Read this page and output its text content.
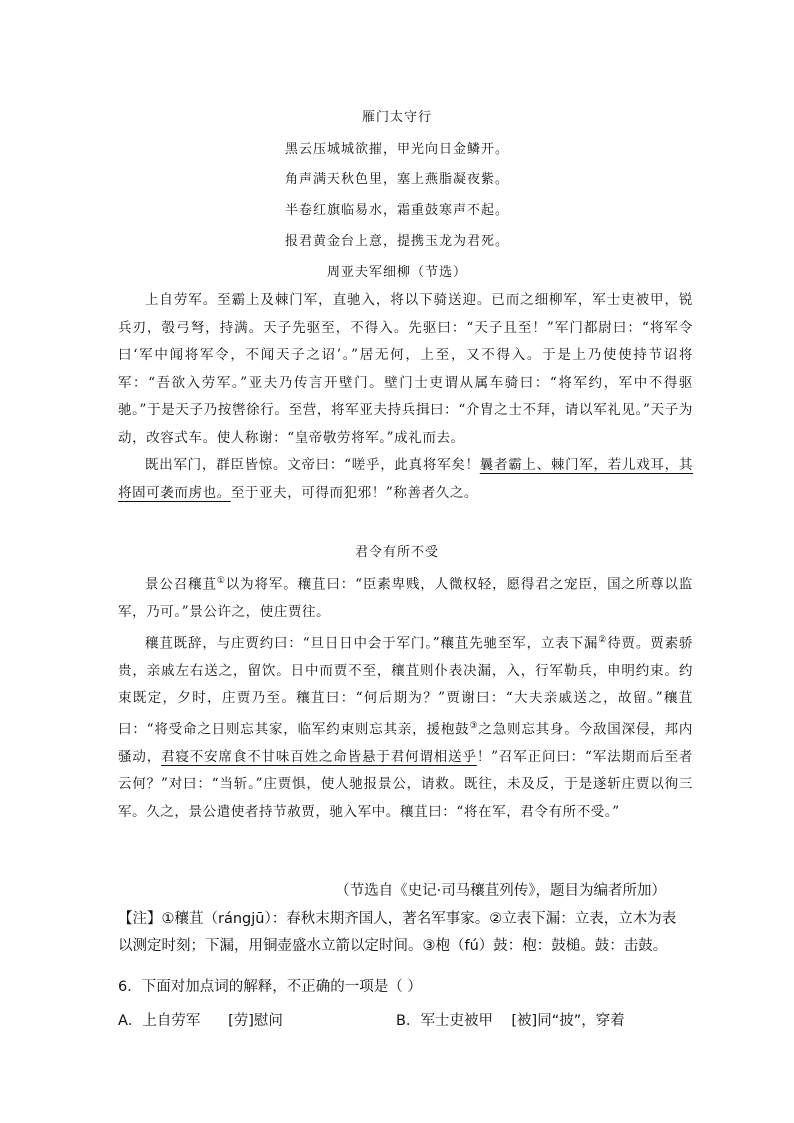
雁门太守行
黑云压城城欲摧，甲光向日金鳞开。
角声满天秋色里，塞上燕脂凝夜紫。
半卷红旗临易水，霜重鼓寒声不起。
报君黄金台上意，提携玉龙为君死。
周亚夫军细柳（节选）

上自劳军。至霸上及棘门军，直驰入，将以下骑送迎。已而之细柳军，军士吏被甲，锐兵刃，彀弓弩，持满。天子先驱至，不得入。先驱曰：“天子且至！”军门都尉曰：“将军令曰‘军中闻将军令，不闻天子之诏’。”居无何，上至，又不得入。于是上乃使使持节诏将军：“吾欲入劳军。”亚夫乃传言开壁门。壁门士吏谓从属车骑曰：“将军约，军中不得驱驰。”于是天子乃按辔徐行。至营，将军亚夫持兵揖曰：“介胄之士不拜，请以军礼见。”天子为动，改容式车。使人称谢：“皇帝敬劳将军。”成礼而去。

既出军门，群臣皆惊。文帝曰：“嗟乎，此真将军矣！曩者霸上、棘门军，若儿戏耳，其将固可袭而虏也。至于亚夫，可得而犯邪！”称善者久之。

君令有所不受

景公召穰苴①以为将军。穰苴曰：“臣素卑贱，人微权轻，愿得君之宠臣，国之所尊以监军，乃可。”景公许之，使庄贾往。

穰苴既辞，与庄贾约曰：“旦日日中会于军门。”穰苴先驰至军，立表下漏②待贾。贾素骄贵，亲戚左右送之，留饮。日中而贾不至，穰苴则仆表决漏，入，行军勒兵，申明约束。约束既定，夕时，庄贾乃至。穰苴曰：“何后期为？”贾谢曰：“大夫亲戚送之，故留。”穰苴曰：“将受命之日则忘其家，临军约束则忘其亲，援枹鼓③之急则忘其身。今敌国深侵，邦内骚动，君寝不安席食不甘味百姓之命皆悬于君何谓相送乎！”召军正问曰：“军法期而后至者云何？”对曰：“当斩。”庄贾惧，使人驰报景公，请救。既往，未及反，于是遂斩庄贾以徇三军。久之，景公遣使者持节赦贾，驰入军中。穰苴曰：“将在军，君令有所不受。”

（节选自《史记·司马穰苴列传》，题目为编者所加）
【注】①穰苴（rángjū）：春秋末期齐国人，著名军事家。②立表下漏：立表，立木为表以测定时刻；下漏，用铜壶盛水立箭以定时间。③枹（fú）鼓：枹：鼓槌。鼓：击鼓。
6．下面对加点词的解释，不正确的一项是（ ）
A．上自劳军      [劳]慰问	B．军士吏被甲    [被]同“披”，穿着
